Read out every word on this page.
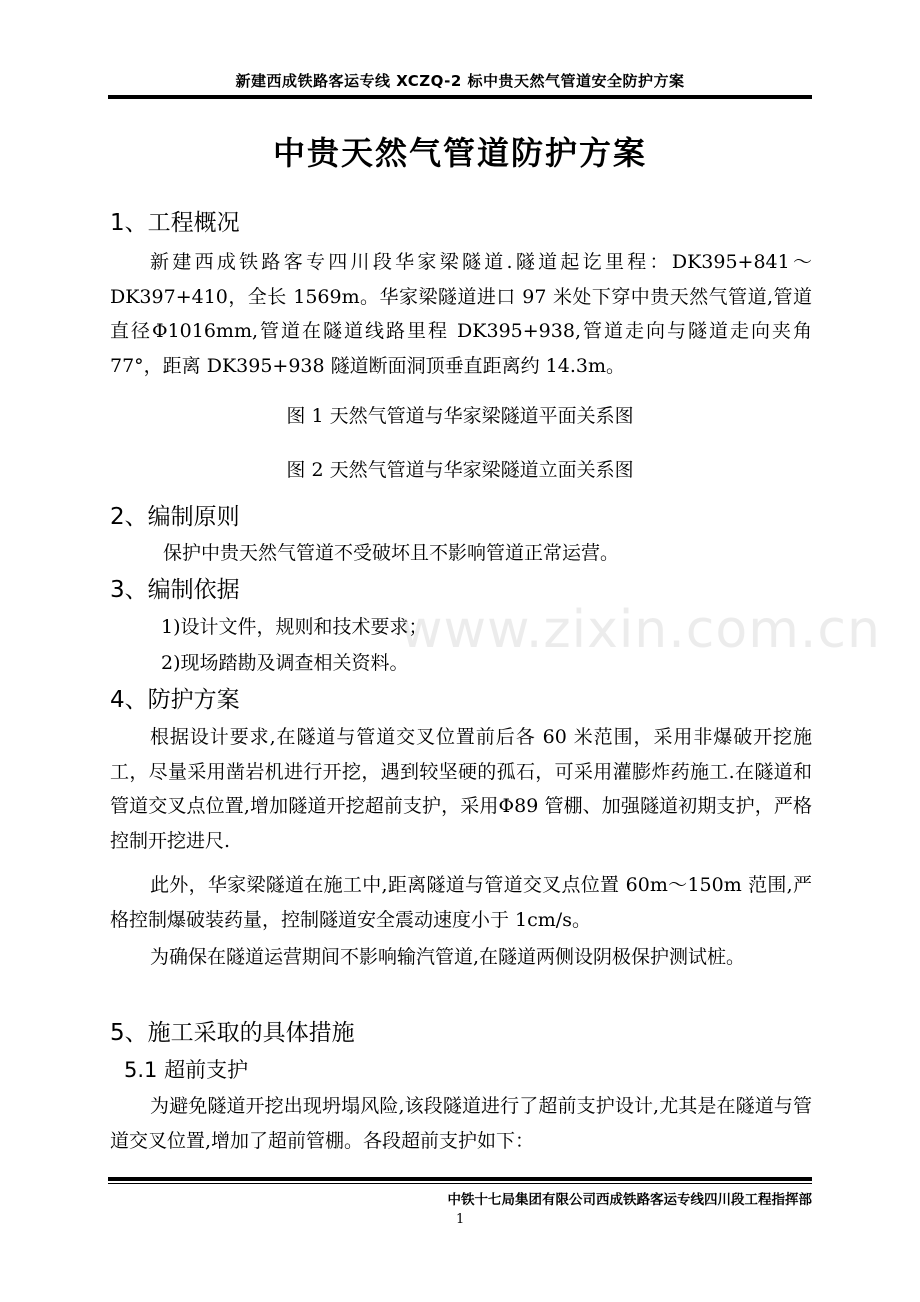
新建西成铁路客运专线 XCZQ-2 标中贵天然气管道安全防护方案
中贵天然气管道防护方案
1、工程概况

新建西成铁路客专四川段华家梁隧道.隧道起讫里程：DK395+841～DK397+410，全长 1569m。华家梁隧道进口 97 米处下穿中贵天然气管道,管道直径Φ1016mm,管道在隧道线路里程 DK395+938,管道走向与隧道走向夹角 77°，距离 DK395+938 隧道断面洞顶垂直距离约 14.3m。

图 1 天然气管道与华家梁隧道平面关系图
图 2 天然气管道与华家梁隧道立面关系图
2、编制原则
保护中贵天然气管道不受破坏且不影响管道正常运营。
3、编制依据
1)设计文件，规则和技术要求；
2)现场踏勘及调查相关资料。
4、防护方案

根据设计要求,在隧道与管道交叉位置前后各 60 米范围，采用非爆破开挖施工，尽量采用凿岩机进行开挖，遇到较坚硬的孤石，可采用灌膨炸药施工.在隧道和管道交叉点位置,增加隧道开挖超前支护，采用Φ89 管棚、加强隧道初期支护，严格控制开挖进尺.

此外，华家梁隧道在施工中,距离隧道与管道交叉点位置 60m～150m 范围,严格控制爆破装药量，控制隧道安全震动速度小于 1cm/s。

为确保在隧道运营期间不影响输汽管道,在隧道两侧设阴极保护测试桩。

5、施工采取的具体措施
5.1 超前支护

为避免隧道开挖出现坍塌风险,该段隧道进行了超前支护设计,尤其是在隧道与管道交叉位置,增加了超前管棚。各段超前支护如下：

www.zixin.com.cn
中铁十七局集团有限公司西成铁路客运专线四川段工程指挥部
1
